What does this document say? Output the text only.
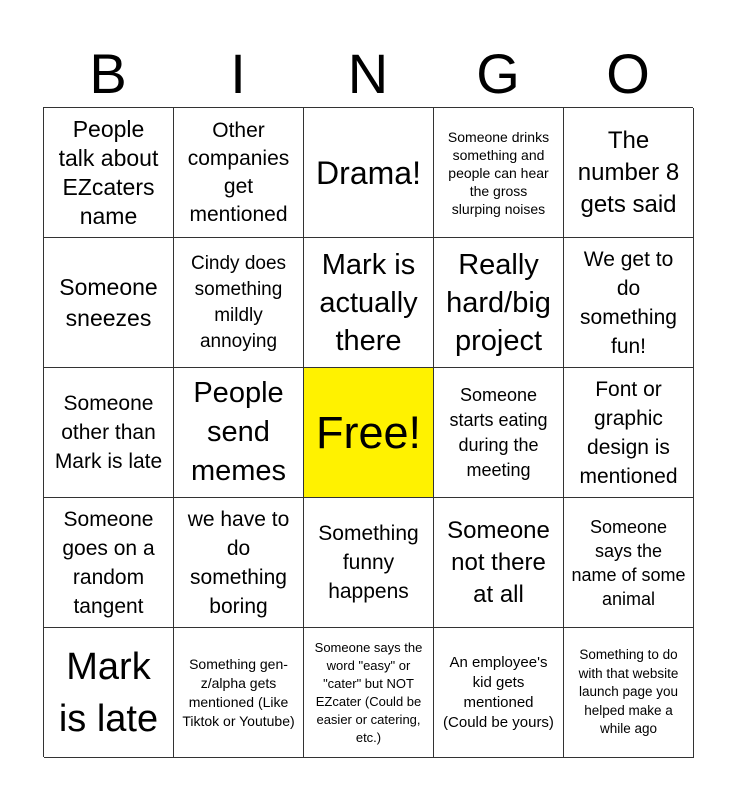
B	I	N	G	O
People talk about EZcaters name
Other companies get mentioned
Drama!
Someone drinks something and people can hear the gross slurping noises
The number 8 gets said
Someone sneezes
Cindy does something mildly annoying
Mark is actually there
Really hard/big project
We get to do something fun!
Someone other than Mark is late
People send memes
Free!
Someone starts eating during the meeting
Font or graphic design is mentioned
Someone goes on a random tangent
we have to do something boring
Something funny happens
Someone not there at all
Someone says the name of some animal
Mark is late
Something gen-z/alpha gets mentioned (Like Tiktok or Youtube)
Someone says the word "easy" or "cater" but NOT EZcater (Could be easier or catering, etc.)
An employee's kid gets mentioned (Could be yours)
Something to do with that website launch page you helped make a while ago
